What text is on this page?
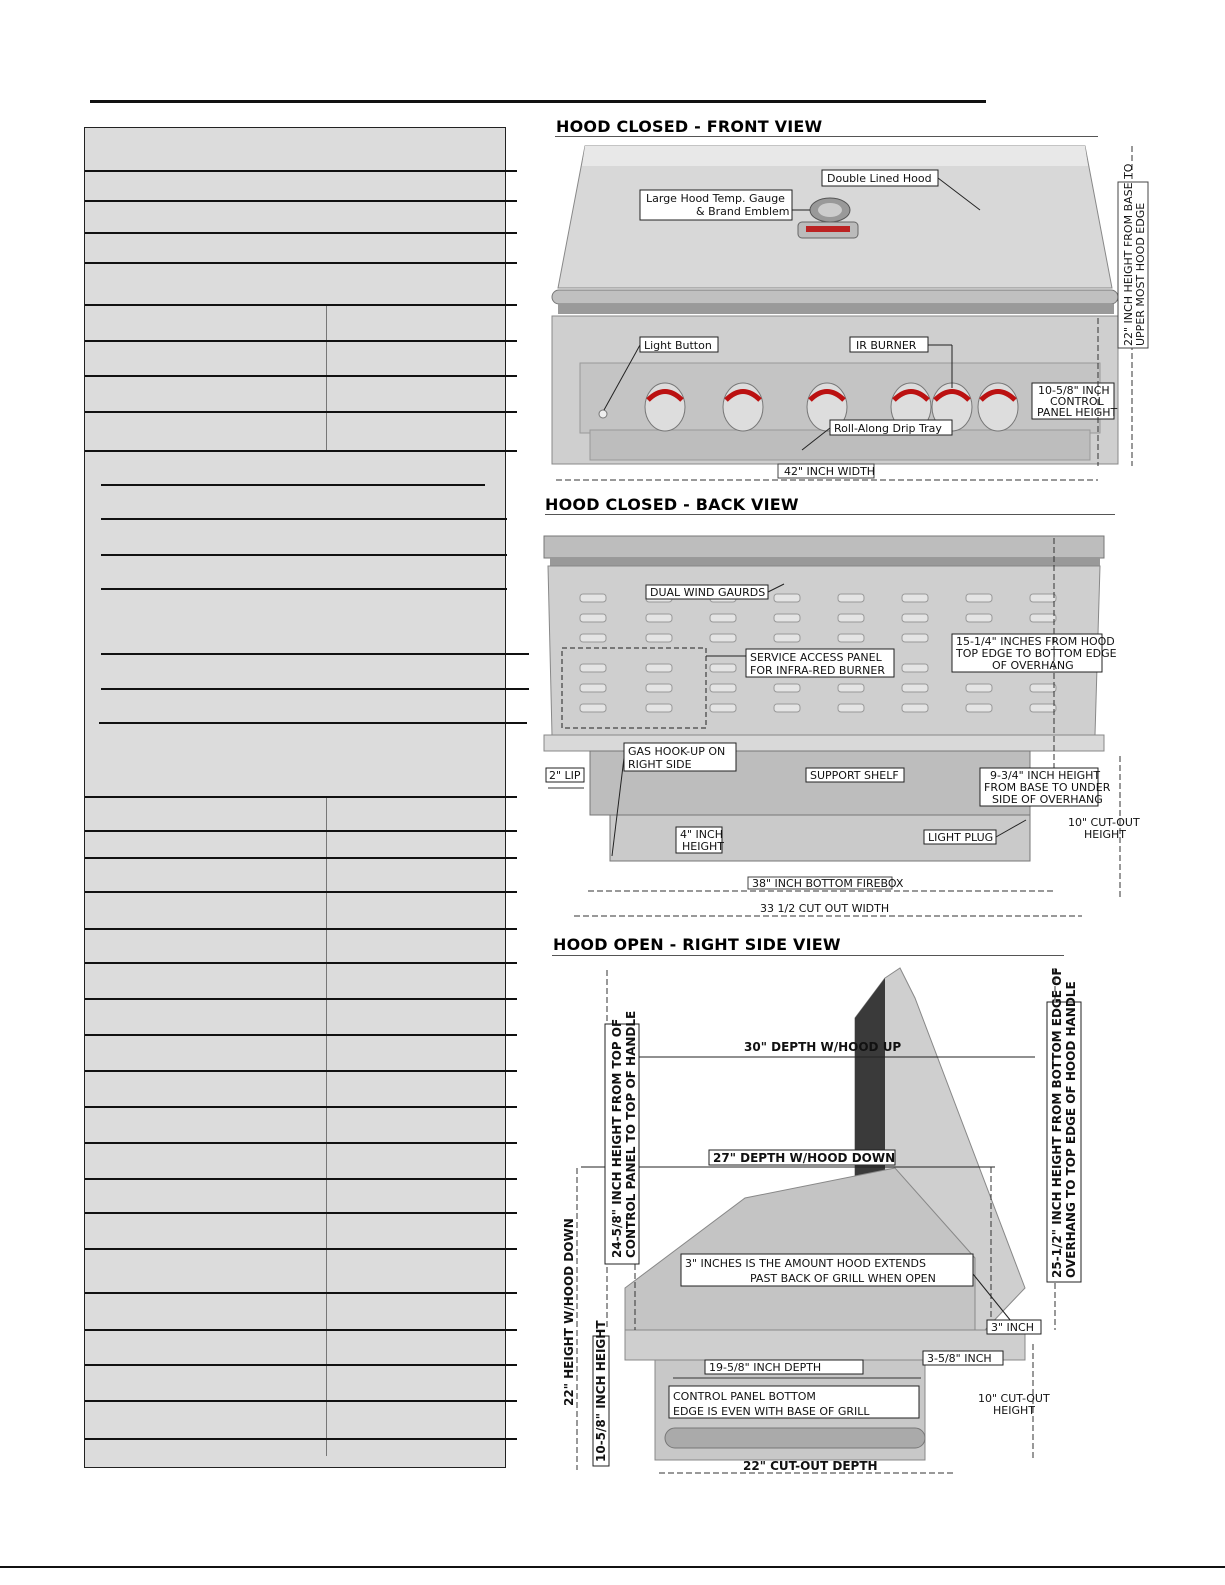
HOOD CLOSED - FRONT VIEW
Double Lined Hood
Large Hood Temp. Gauge
& Brand Emblem
Light Button	IR BURNER
10-5/8" INCH
CONTROL
PANEL HEIGHT
Roll-Along Drip Tray
42" INCH WIDTH
22" INCH HEIGHT FROM BASE TO UPPER MOST HOOD EDGE
HOOD CLOSED - BACK VIEW
DUAL WIND GAURDS
SERVICE ACCESS PANEL
FOR INFRA-RED BURNER
15-1/4" INCHES FROM HOOD
TOP EDGE TO BOTTOM EDGE
OF OVERHANG
GAS HOOK-UP ON
RIGHT SIDE
2" LIP	SUPPORT SHELF	9-3/4" INCH HEIGHT
FROM BASE TO UNDER
SIDE OF OVERHANG
10" CUT-OUT
HEIGHT
4" INCH
HEIGHT
LIGHT PLUG
38" INCH BOTTOM FIREBOX
33 1/2 CUT OUT WIDTH
HOOD OPEN - RIGHT SIDE VIEW
30" DEPTH W/HOOD UP
27" DEPTH W/HOOD DOWN
3" INCHES IS THE AMOUNT HOOD EXTENDS
PAST BACK OF GRILL WHEN OPEN
3" INCH
3-5/8" INCH
19-5/8" INCH DEPTH
CONTROL PANEL BOTTOM
EDGE IS EVEN WITH BASE OF GRILL
22" CUT-OUT DEPTH
10" CUT-OUT
HEIGHT
24-5/8" INCH HEIGHT FROM TOP OF CONTROL PANEL TO TOP OF HANDLE
22" HEIGHT W/HOOD DOWN 10-5/8" INCH HEIGHT
25-1/2" INCH HEIGHT FROM BOTTOM EDGE OF OVERHANG TO TOP EDGE OF HOOD HANDLE
